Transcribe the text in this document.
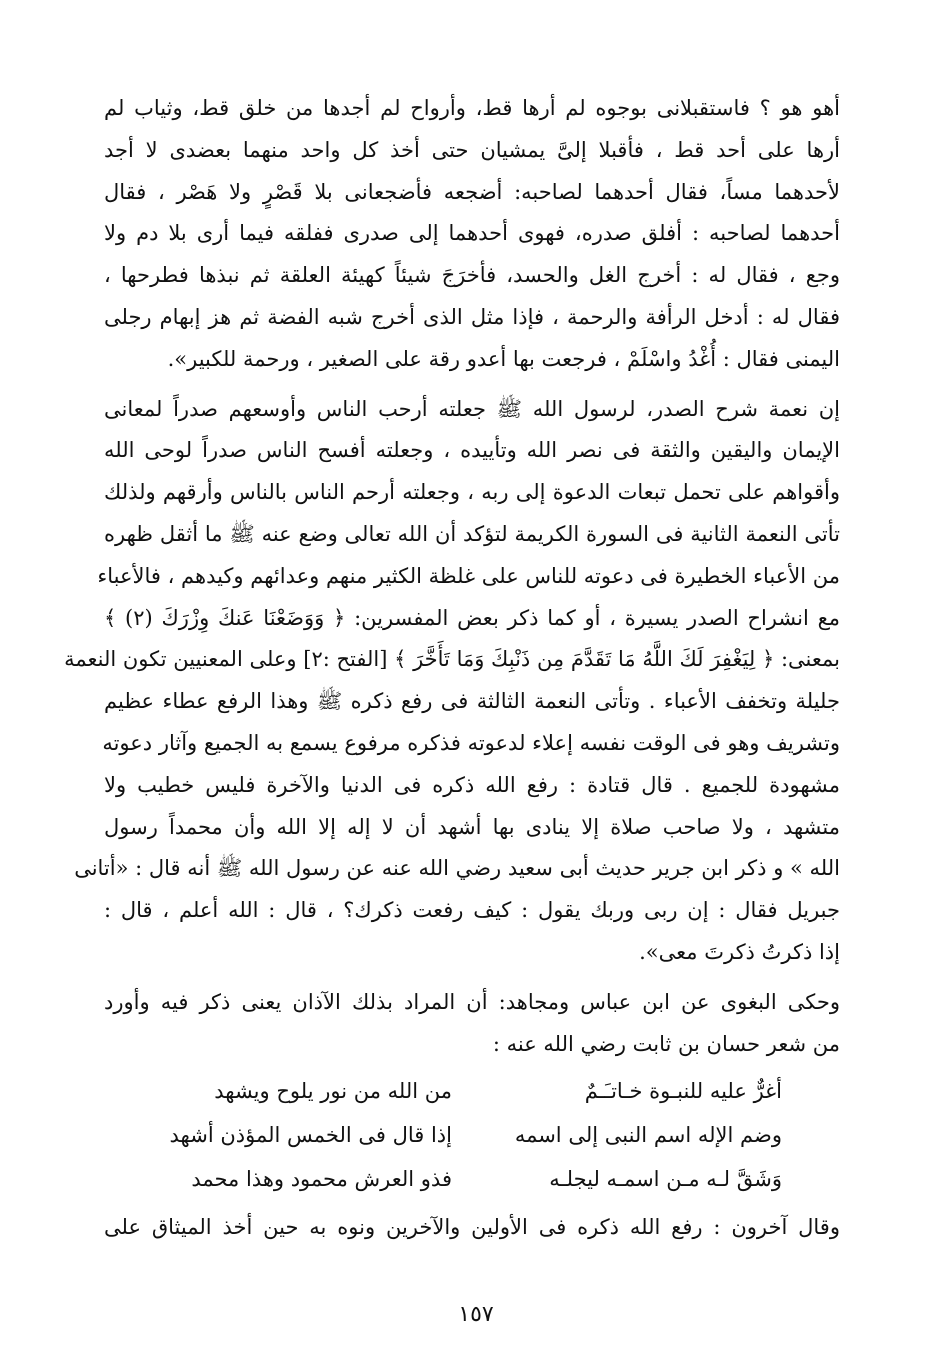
أهو هو ؟ فاستقبلانى بوجوه لم أرها قط، وأرواح لم أجدها من خلق قط، وثياب لم
أرها على أحد قط ، فأقبلا إلىَّ يمشيان حتى أخذ كل واحد منهما بعضدى لا أجد
لأحدهما مساً، فقال أحدهما لصاحبه: أضجعه فأضجعانى بلا قَصْرٍ ولا هَصْر ، فقال
أحدهما لصاحبه : أفلق صدره، فهوى أحدهما إلى صدرى ففلقه فيما أرى بلا دم ولا
وجع ، فقال له : أخرج الغل والحسد، فأخرَجَ شيئاً كهيئة العلقة ثم نبذها فطرحها ،
فقال له : أدخل الرأفة والرحمة ، فإذا مثل الذى أخرج شبه الفضة ثم هز إبهام رجلى
اليمنى فقال : أُغْدُ واسْلَمْ ، فرجعت بها أعدو رقة على الصغير ، ورحمة للكبير».
إن نعمة شرح الصدر، لرسول الله ﷺ جعلته أرحب الناس وأوسعهم صدراً لمعانى
الإيمان واليقين والثقة فى نصر الله وتأييده ، وجعلته أفسح الناس صدراً لوحى الله
وأقواهم على تحمل تبعات الدعوة إلى ربه ، وجعلته أرحم الناس بالناس وأرقهم ولذلك
تأتى النعمة الثانية فى السورة الكريمة لتؤكد أن الله تعالى وضع عنه ﷺ ما أثقل ظهره
من الأعباء الخطيرة فى دعوته للناس على غلظة الكثير منهم وعدائهم وكيدهم ، فالأعباء
مع انشراح الصدر يسيرة ، أو كما ذكر بعض المفسرين: ﴿ وَوَضَعْنَا عَنكَ وِزْرَكَ (٢) ﴾
بمعنى: ﴿ لِيَغْفِرَ لَكَ اللَّهُ مَا تَقَدَّمَ مِن ذَنْبِكَ وَمَا تَأَخَّرَ ﴾ [الفتح :٢] وعلى المعنيين تكون النعمة
جليلة وتخفف الأعباء . وتأتى النعمة الثالثة فى رفع ذكره ﷺ وهذا الرفع عطاء عظيم
وتشريف وهو فى الوقت نفسه إعلاء لدعوته فذكره مرفوع يسمع به الجميع وآثار دعوته
مشهودة للجميع . قال قتادة : رفع الله ذكره فى الدنيا والآخرة فليس خطيب ولا
متشهد ، ولا صاحب صلاة إلا ينادى بها أشهد أن لا إله إلا الله وأن محمداً رسول
الله » و ذكر ابن جرير حديث أبى سعيد رضي الله عنه عن رسول الله ﷺ أنه قال : «أتانى
جبريل فقال : إن ربى وربك يقول : كيف رفعت ذكرك؟ ، قال : الله أعلم ، قال :
إذا ذكرتُ ذكرتَ معى».
وحكى البغوى عن ابن عباس ومجاهد: أن المراد بذلك الآذان يعنى ذكر فيه وأورد
من شعر حسان بن ثابت رضي الله عنه :
أغرٌّ عليه للنبـوة خـاتـَـمٌ
من الله من نور يلوح ويشهد
وضم الإله اسم النبى إلى اسمه
إذا قال فى الخمس المؤذن أشهد
وَشَقَّ لـه مـن اسمـه ليجلـه
فذو العرش محمود وهذا محمد
وقال آخرون : رفع الله ذكره فى الأولين والآخرين ونوه به حين أخذ الميثاق على
١٥٧
